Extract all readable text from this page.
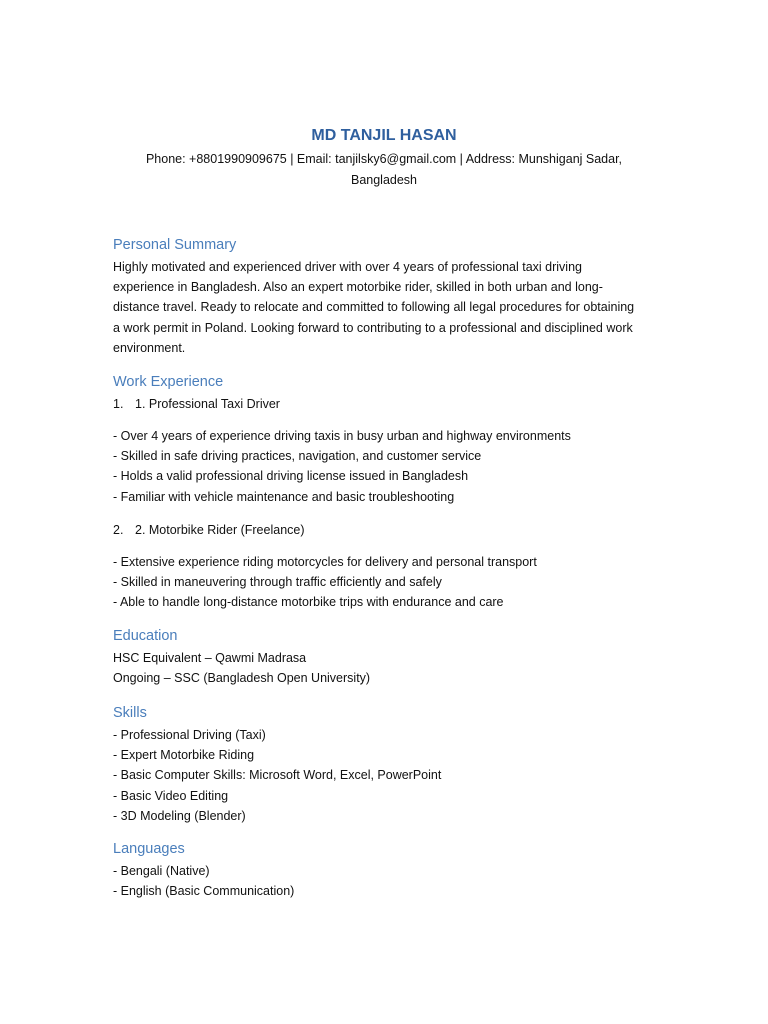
MD TANJIL HASAN

Phone: +8801990909675 | Email: tanjilsky6@gmail.com | Address: Munshiganj Sadar,
Bangladesh

Personal Summary

Highly motivated and experienced driver with over 4 years of professional taxi driving
experience in Bangladesh. Also an expert motorbike rider, skilled in both urban and long-
distance travel. Ready to relocate and committed to following all legal procedures for obtaining
a work permit in Poland. Looking forward to contributing to a professional and disciplined work
environment.

Work Experience

1. 1. Professional Taxi Driver

- Over 4 years of experience driving taxis in busy urban and highway environments

- Skilled in safe driving practices, navigation, and customer service

- Holds a valid professional driving license issued in Bangladesh

- Familiar with vehicle maintenance and basic troubleshooting

2. 2. Motorbike Rider (Freelance)

- Extensive experience riding motorcycles for delivery and personal transport

- Skilled in maneuvering through traffic efficiently and safely

- Able to handle long-distance motorbike trips with endurance and care

Education

HSC Equivalent – Qawmi Madrasa

Ongoing – SSC (Bangladesh Open University)

Skills

- Professional Driving (Taxi)

- Expert Motorbike Riding

- Basic Computer Skills: Microsoft Word, Excel, PowerPoint

- Basic Video Editing

- 3D Modeling (Blender)

Languages

- Bengali (Native)

- English (Basic Communication)
